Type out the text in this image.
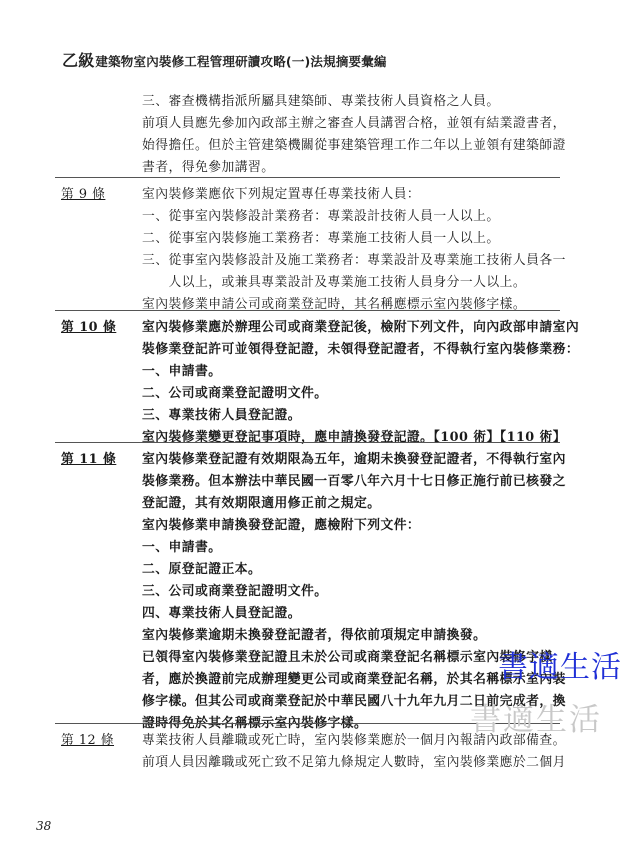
乙級建築物室內裝修工程管理研讀攻略(一)法規摘要彙編
三、審查機構指派所屬具建築師、專業技術人員資格之人員。
前項人員應先參加內政部主辦之審查人員講習合格，並領有結業證書者，
始得擔任。但於主管建築機關從事建築管理工作二年以上並領有建築師證
書者，得免參加講習。
第 9 條	室內裝修業應依下列規定置專任專業技術人員：
一、從事室內裝修設計業務者：專業設計技術人員一人以上。
二、從事室內裝修施工業務者：專業施工技術人員一人以上。
三、從事室內裝修設計及施工業務者：專業設計及專業施工技術人員各一
　　人以上，或兼具專業設計及專業施工技術人員身分一人以上。
室內裝修業申請公司或商業登記時，其名稱應標示室內裝修字樣。
第 10 條 室內裝修業應於辦理公司或商業登記後，檢附下列文件，向內政部申請室內
裝修業登記許可並領得登記證，未領得登記證者，不得執行室內裝修業務：
一、申請書。
二、公司或商業登記證明文件。
三、專業技術人員登記證。
室內裝修業變更登記事項時，應申請換發登記證。【100 術】【110 術】
第 11 條 室內裝修業登記證有效期限為五年，逾期未換發登記證者，不得執行室內
裝修業務。但本辦法中華民國一百零八年六月十七日修正施行前已核發之
登記證，其有效期限適用修正前之規定。
室內裝修業申請換發登記證，應檢附下列文件：
一、申請書。
二、原登記證正本。
三、公司或商業登記證明文件。
四、專業技術人員登記證。
室內裝修業逾期未換發登記證者，得依前項規定申請換發。
已領得室內裝修業登記證且未於公司或商業登記名稱標示室內裝修字樣
者，應於換證前完成辦理變更公司或商業登記名稱，於其名稱標示室內裝
修字樣。但其公司或商業登記於中華民國八十九年九月二日前完成者，換
證時得免於其名稱標示室內裝修字樣。
第 12 條 專業技術人員離職或死亡時，室內裝修業應於一個月內報請內政部備查。
前項人員因離職或死亡致不足第九條規定人數時，室內裝修業應於二個月
書適生活
書適生活
38
